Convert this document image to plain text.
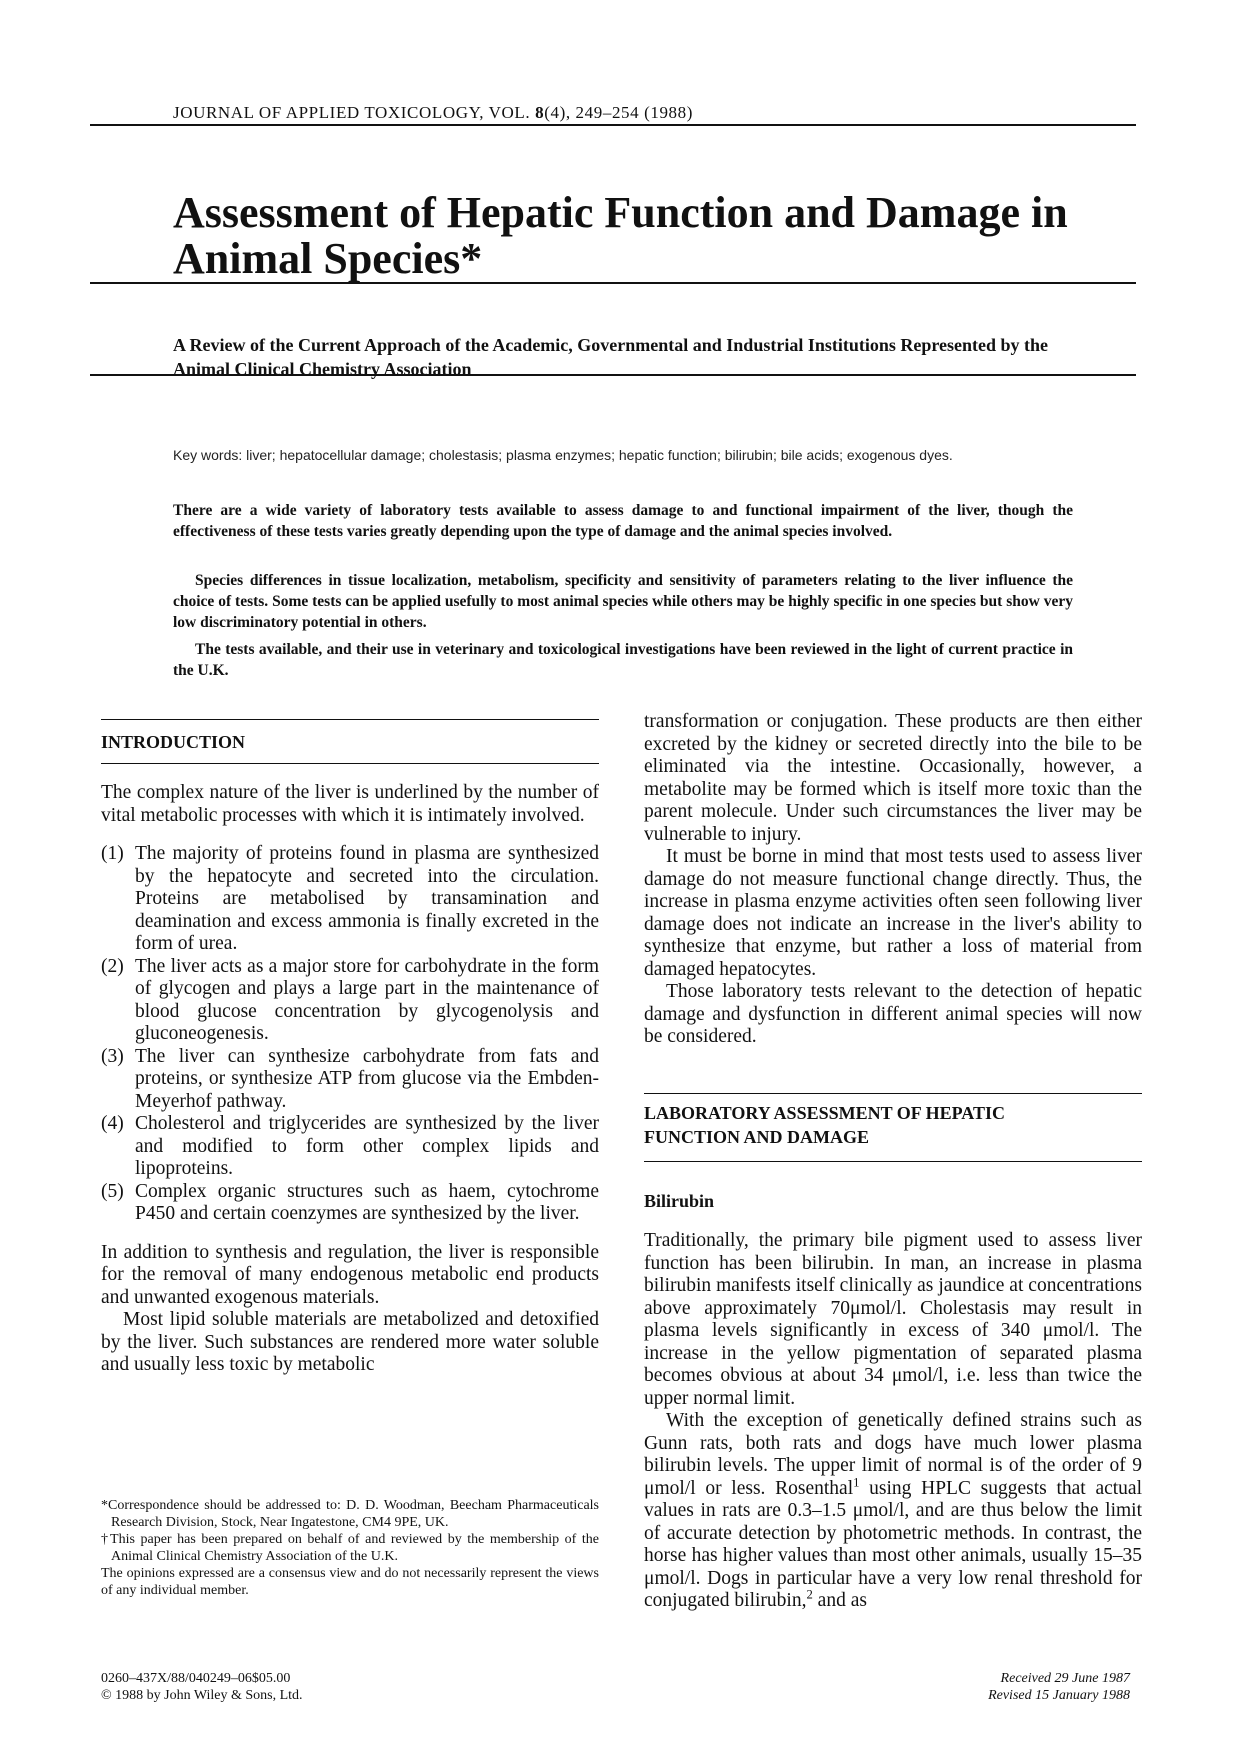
JOURNAL OF APPLIED TOXICOLOGY, VOL. 8(4), 249–254 (1988)
Assessment of Hepatic Function and Damage in Animal Species*
A Review of the Current Approach of the Academic, Governmental and Industrial Institutions Represented by the Animal Clinical Chemistry Association
Key words: liver; hepatocellular damage; cholestasis; plasma enzymes; hepatic function; bilirubin; bile acids; exogenous dyes.
There are a wide variety of laboratory tests available to assess damage to and functional impairment of the liver, though the effectiveness of these tests varies greatly depending upon the type of damage and the animal species involved.
Species differences in tissue localization, metabolism, specificity and sensitivity of parameters relating to the liver influence the choice of tests. Some tests can be applied usefully to most animal species while others may be highly specific in one species but show very low discriminatory potential in others.
The tests available, and their use in veterinary and toxicological investigations have been reviewed in the light of current practice in the U.K.
INTRODUCTION

The complex nature of the liver is underlined by the number of vital metabolic processes with which it is intimately involved.

(1) The majority of proteins found in plasma are synthesized by the hepatocyte and secreted into the circulation. Proteins are metabolised by transamination and deamination and excess ammonia is finally excreted in the form of urea.
(2) The liver acts as a major store for carbohydrate in the form of glycogen and plays a large part in the maintenance of blood glucose concentration by glycogenolysis and gluconeogenesis.
(3) The liver can synthesize carbohydrate from fats and proteins, or synthesize ATP from glucose via the Embden-Meyerhof pathway.
(4) Cholesterol and triglycerides are synthesized by the liver and modified to form other complex lipids and lipoproteins.
(5) Complex organic structures such as haem, cytochrome P450 and certain coenzymes are synthesized by the liver.

In addition to synthesis and regulation, the liver is responsible for the removal of many endogenous metabolic end products and unwanted exogenous materials.

Most lipid soluble materials are metabolized and detoxified by the liver. Such substances are rendered more water soluble and usually less toxic by metabolic

*Correspondence should be addressed to: D. D. Woodman, Beecham Pharmaceuticals Research Division, Stock, Near Ingatestone, CM4 9PE, UK.

†This paper has been prepared on behalf of and reviewed by the membership of the Animal Clinical Chemistry Association of the U.K.

The opinions expressed are a consensus view and do not necessarily represent the views of any individual member.

transformation or conjugation. These products are then either excreted by the kidney or secreted directly into the bile to be eliminated via the intestine. Occasionally, however, a metabolite may be formed which is itself more toxic than the parent molecule. Under such circumstances the liver may be vulnerable to injury.

It must be borne in mind that most tests used to assess liver damage do not measure functional change directly. Thus, the increase in plasma enzyme activities often seen following liver damage does not indicate an increase in the liver's ability to synthesize that enzyme, but rather a loss of material from damaged hepatocytes.

Those laboratory tests relevant to the detection of hepatic damage and dysfunction in different animal species will now be considered.

LABORATORY ASSESSMENT OF HEPATIC FUNCTION AND DAMAGE
Bilirubin

Traditionally, the primary bile pigment used to assess liver function has been bilirubin. In man, an increase in plasma bilirubin manifests itself clinically as jaundice at concentrations above approximately 70μmol/l. Cholestasis may result in plasma levels significantly in excess of 340 μmol/l. The increase in the yellow pigmentation of separated plasma becomes obvious at about 34 μmol/l, i.e. less than twice the upper normal limit.

With the exception of genetically defined strains such as Gunn rats, both rats and dogs have much lower plasma bilirubin levels. The upper limit of normal is of the order of 9 μmol/l or less. Rosenthal$^1$ using HPLC suggests that actual values in rats are 0.3–1.5 μmol/l, and are thus below the limit of accurate detection by photometric methods. In contrast, the horse has higher values than most other animals, usually 15–35 μmol/l. Dogs in particular have a very low renal threshold for conjugated bilirubin,$^2$ and as

0260–437X/88/040249–06$05.00
© 1988 by John Wiley & Sons, Ltd.
Received 29 June 1987
Revised 15 January 1988
